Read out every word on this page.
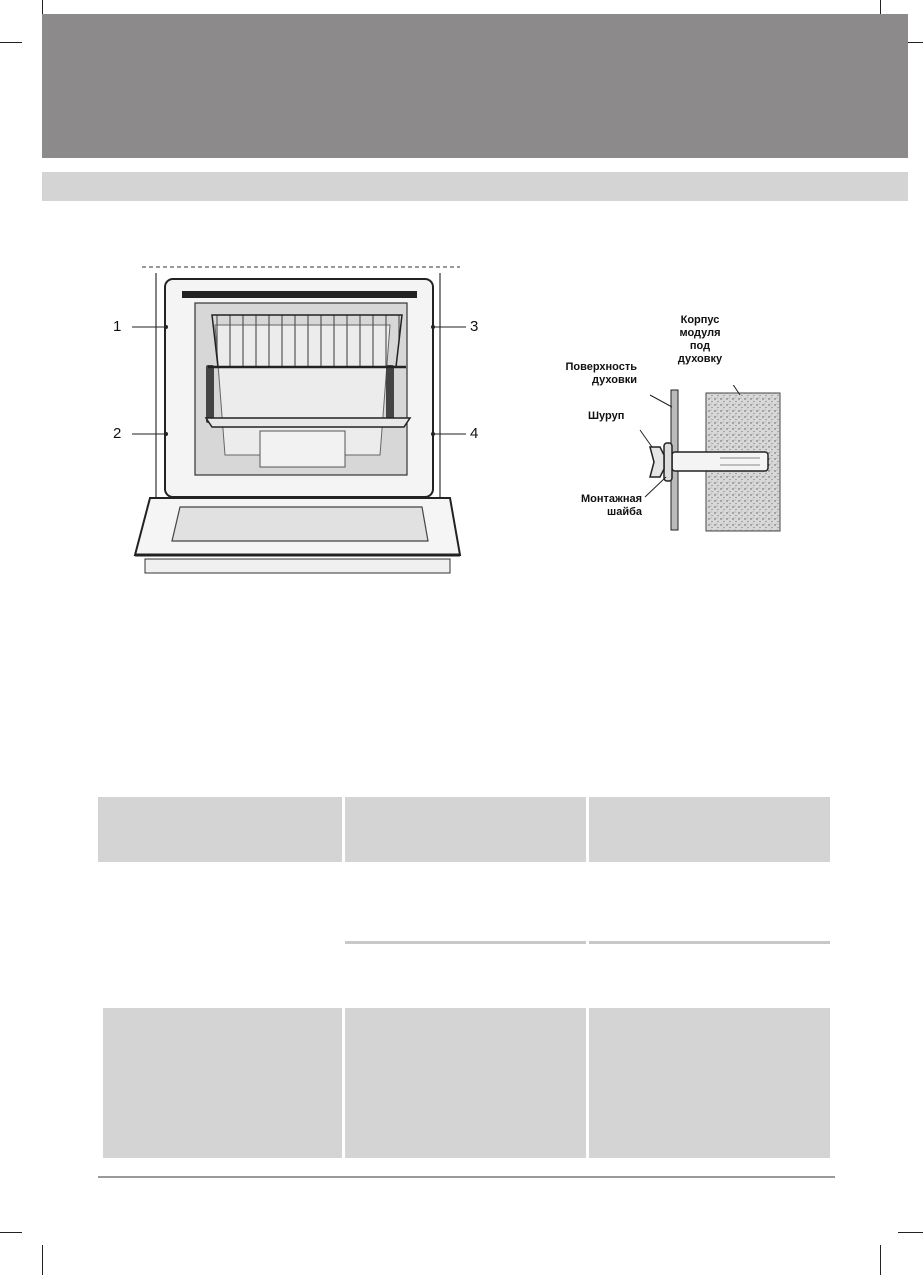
1
2
3
4
Корпус
модуля
под
духовку
Поверхность
духовки
Шуруп
Монтажная
шайба
